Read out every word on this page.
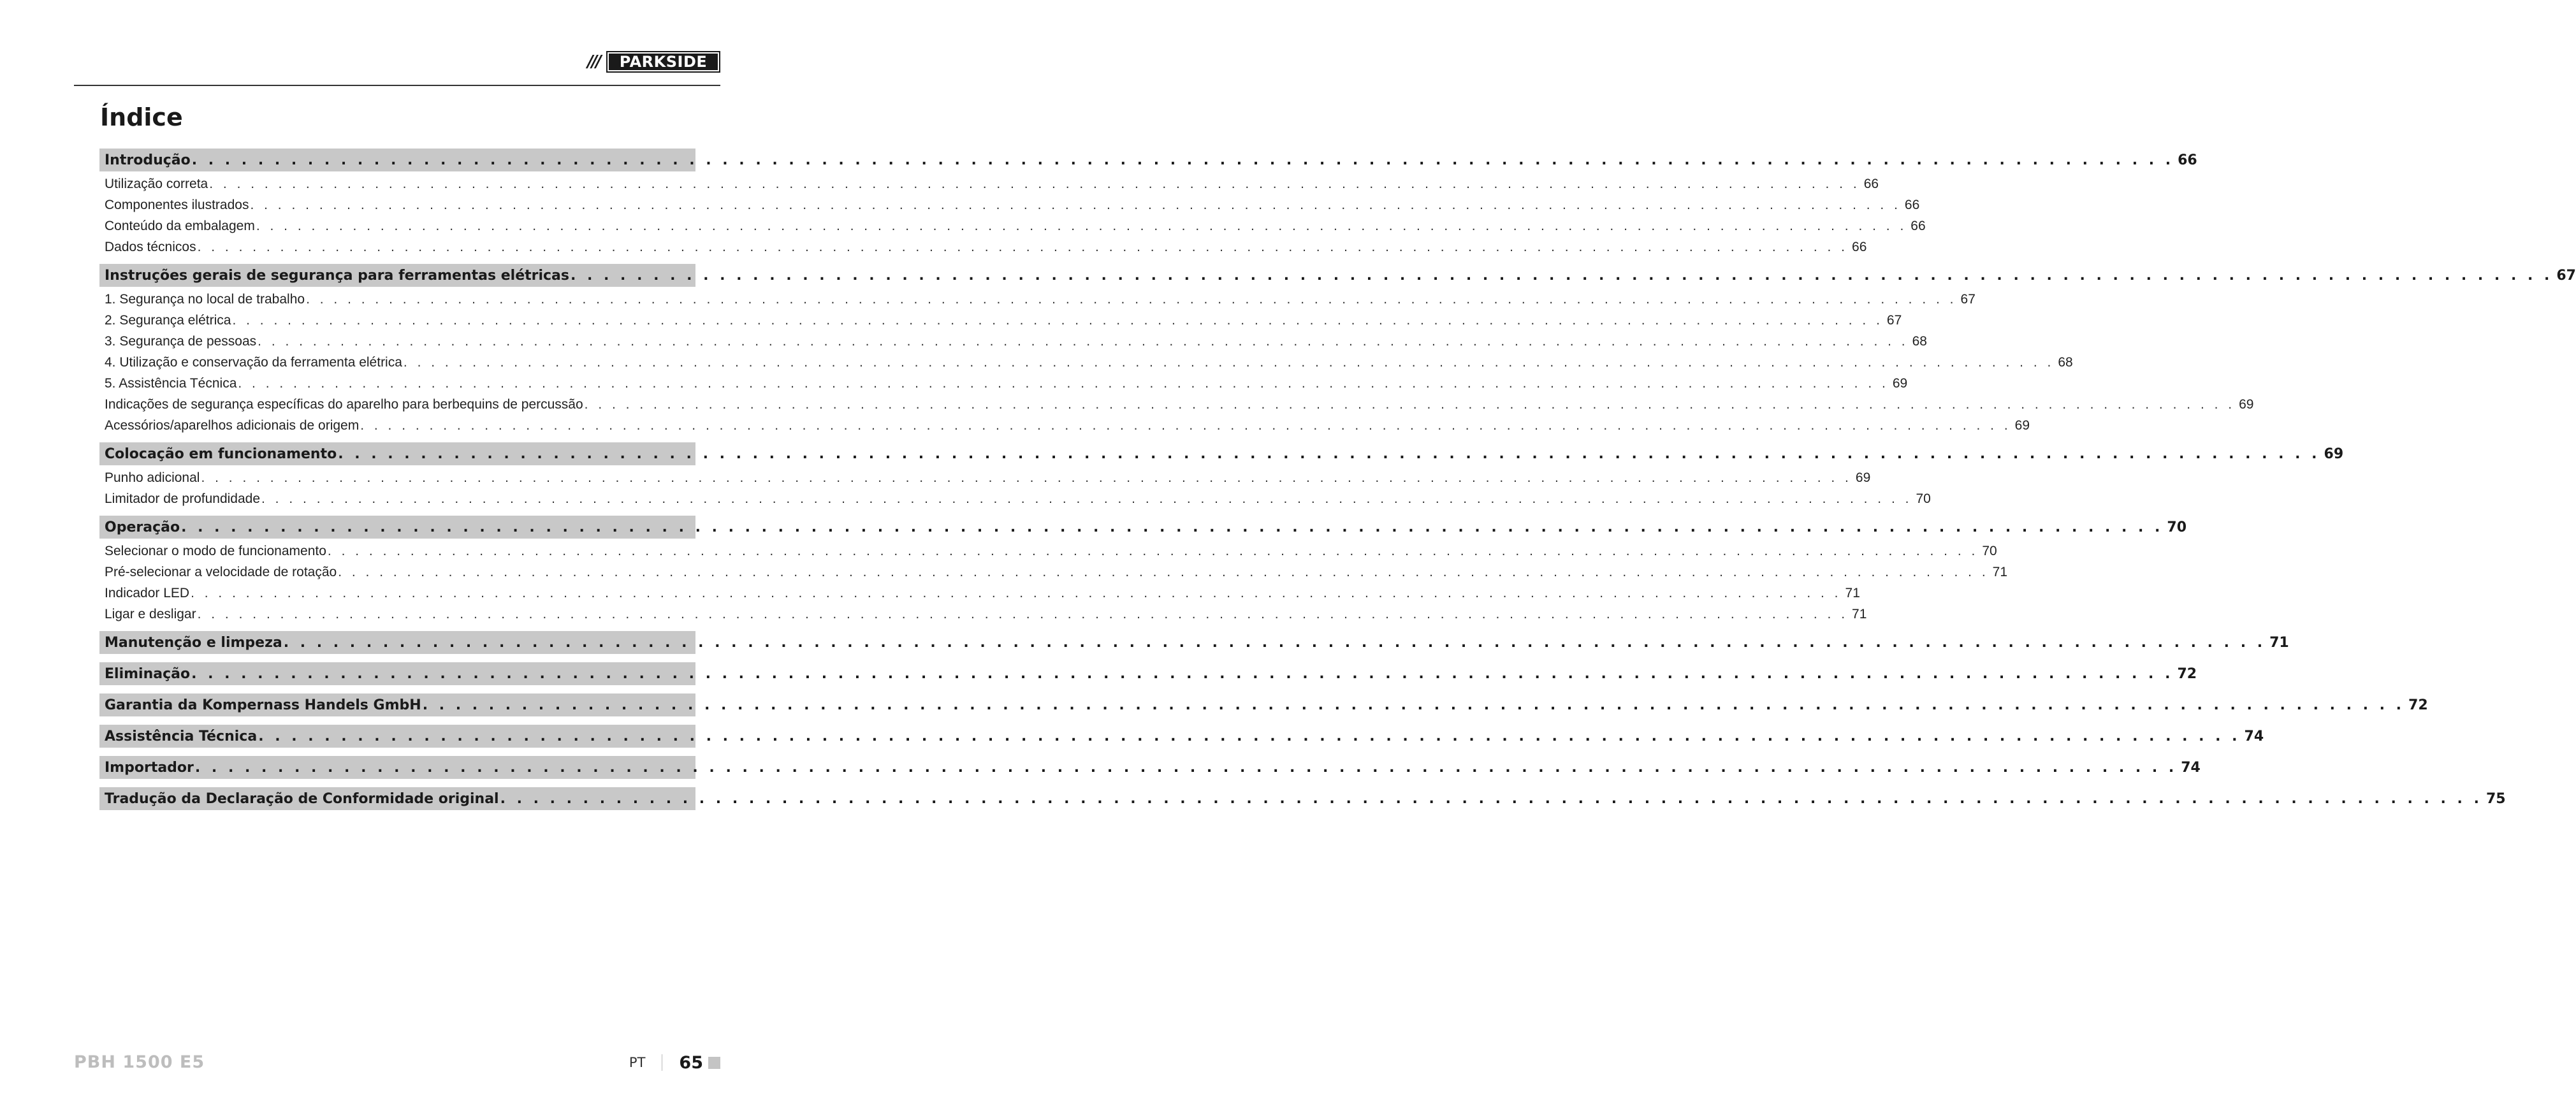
///	PARKSIDE
Índice
Introdução . . . . . . . . . . . . . . . . . . . . . . . . . . . . . . . . . . . . . . . . . . . . . . . . . . . . . . . . . . . . . . . . . . . . . . . . . . . . . . . . . . . . . . . . . . . . . . . . . . . . . . . . . . . . . . . . . . . . . . . . 66
Utilização correta . . . . . . . . . . . . . . . . . . . . . . . . . . . . . . . . . . . . . . . . . . . . . . . . . . . . . . . . . . . . . . . . . . . . . . . . . . . . . . . . . . . . . . . . . . . . . . . . . . . . . . . . . . . . . . . . . . . . . . . . 66
Componentes ilustrados . . . . . . . . . . . . . . . . . . . . . . . . . . . . . . . . . . . . . . . . . . . . . . . . . . . . . . . . . . . . . . . . . . . . . . . . . . . . . . . . . . . . . . . . . . . . . . . . . . . . . . . . . . . . . . . . . . . . . . . . 66
Conteúdo da embalagem . . . . . . . . . . . . . . . . . . . . . . . . . . . . . . . . . . . . . . . . . . . . . . . . . . . . . . . . . . . . . . . . . . . . . . . . . . . . . . . . . . . . . . . . . . . . . . . . . . . . . . . . . . . . . . . . . . . . . . . . 66
Dados técnicos . . . . . . . . . . . . . . . . . . . . . . . . . . . . . . . . . . . . . . . . . . . . . . . . . . . . . . . . . . . . . . . . . . . . . . . . . . . . . . . . . . . . . . . . . . . . . . . . . . . . . . . . . . . . . . . . . . . . . . . . 66
Instruções gerais de segurança para ferramentas elétricas . . . . . . . . . . . . . . . . . . . . . . . . . . . . . . . . . . . . . . . . . . . . . . . . . . . . . . . . . . . . . . . . . . . . . . . . . . . . . . . . . . . . . . . . . . . . . . . . . . . . . . . . . . . . . . . . . . . . . . . . 67
1. Segurança no local de trabalho . . . . . . . . . . . . . . . . . . . . . . . . . . . . . . . . . . . . . . . . . . . . . . . . . . . . . . . . . . . . . . . . . . . . . . . . . . . . . . . . . . . . . . . . . . . . . . . . . . . . . . . . . . . . . . . . . . . . . . . . 67
2. Segurança elétrica . . . . . . . . . . . . . . . . . . . . . . . . . . . . . . . . . . . . . . . . . . . . . . . . . . . . . . . . . . . . . . . . . . . . . . . . . . . . . . . . . . . . . . . . . . . . . . . . . . . . . . . . . . . . . . . . . . . . . . . . 67
3. Segurança de pessoas . . . . . . . . . . . . . . . . . . . . . . . . . . . . . . . . . . . . . . . . . . . . . . . . . . . . . . . . . . . . . . . . . . . . . . . . . . . . . . . . . . . . . . . . . . . . . . . . . . . . . . . . . . . . . . . . . . . . . . . . 68
4. Utilização e conservação da ferramenta elétrica . . . . . . . . . . . . . . . . . . . . . . . . . . . . . . . . . . . . . . . . . . . . . . . . . . . . . . . . . . . . . . . . . . . . . . . . . . . . . . . . . . . . . . . . . . . . . . . . . . . . . . . . . . . . . . . . . . . . . . . . 68
5. Assistência Técnica . . . . . . . . . . . . . . . . . . . . . . . . . . . . . . . . . . . . . . . . . . . . . . . . . . . . . . . . . . . . . . . . . . . . . . . . . . . . . . . . . . . . . . . . . . . . . . . . . . . . . . . . . . . . . . . . . . . . . . . . 69
Indicações de segurança específicas do aparelho para berbequins de percussão . . . . . . . . . . . . . . . . . . . . . . . . . . . . . . . . . . . . . . . . . . . . . . . . . . . . . . . . . . . . . . . . . . . . . . . . . . . . . . . . . . . . . . . . . . . . . . . . . . . . . . . . . . . . . . . . . . . . . . . . 69
Acessórios/aparelhos adicionais de origem . . . . . . . . . . . . . . . . . . . . . . . . . . . . . . . . . . . . . . . . . . . . . . . . . . . . . . . . . . . . . . . . . . . . . . . . . . . . . . . . . . . . . . . . . . . . . . . . . . . . . . . . . . . . . . . . . . . . . . . . 69
Colocação em funcionamento . . . . . . . . . . . . . . . . . . . . . . . . . . . . . . . . . . . . . . . . . . . . . . . . . . . . . . . . . . . . . . . . . . . . . . . . . . . . . . . . . . . . . . . . . . . . . . . . . . . . . . . . . . . . . . . . . . . . . . . . 69
Punho adicional . . . . . . . . . . . . . . . . . . . . . . . . . . . . . . . . . . . . . . . . . . . . . . . . . . . . . . . . . . . . . . . . . . . . . . . . . . . . . . . . . . . . . . . . . . . . . . . . . . . . . . . . . . . . . . . . . . . . . . . . 69
Limitador de profundidade . . . . . . . . . . . . . . . . . . . . . . . . . . . . . . . . . . . . . . . . . . . . . . . . . . . . . . . . . . . . . . . . . . . . . . . . . . . . . . . . . . . . . . . . . . . . . . . . . . . . . . . . . . . . . . . . . . . . . . . . 70
Operação . . . . . . . . . . . . . . . . . . . . . . . . . . . . . . . . . . . . . . . . . . . . . . . . . . . . . . . . . . . . . . . . . . . . . . . . . . . . . . . . . . . . . . . . . . . . . . . . . . . . . . . . . . . . . . . . . . . . . . . . 70
Selecionar o modo de funcionamento . . . . . . . . . . . . . . . . . . . . . . . . . . . . . . . . . . . . . . . . . . . . . . . . . . . . . . . . . . . . . . . . . . . . . . . . . . . . . . . . . . . . . . . . . . . . . . . . . . . . . . . . . . . . . . . . . . . . . . . . 70
Pré-selecionar a velocidade de rotação . . . . . . . . . . . . . . . . . . . . . . . . . . . . . . . . . . . . . . . . . . . . . . . . . . . . . . . . . . . . . . . . . . . . . . . . . . . . . . . . . . . . . . . . . . . . . . . . . . . . . . . . . . . . . . . . . . . . . . . . 71
Indicador LED . . . . . . . . . . . . . . . . . . . . . . . . . . . . . . . . . . . . . . . . . . . . . . . . . . . . . . . . . . . . . . . . . . . . . . . . . . . . . . . . . . . . . . . . . . . . . . . . . . . . . . . . . . . . . . . . . . . . . . . . 71
Ligar e desligar . . . . . . . . . . . . . . . . . . . . . . . . . . . . . . . . . . . . . . . . . . . . . . . . . . . . . . . . . . . . . . . . . . . . . . . . . . . . . . . . . . . . . . . . . . . . . . . . . . . . . . . . . . . . . . . . . . . . . . . . 71
Manutenção e limpeza . . . . . . . . . . . . . . . . . . . . . . . . . . . . . . . . . . . . . . . . . . . . . . . . . . . . . . . . . . . . . . . . . . . . . . . . . . . . . . . . . . . . . . . . . . . . . . . . . . . . . . . . . . . . . . . . . . . . . . . . 71
Eliminação . . . . . . . . . . . . . . . . . . . . . . . . . . . . . . . . . . . . . . . . . . . . . . . . . . . . . . . . . . . . . . . . . . . . . . . . . . . . . . . . . . . . . . . . . . . . . . . . . . . . . . . . . . . . . . . . . . . . . . . . 72
Garantia da Kompernass Handels GmbH . . . . . . . . . . . . . . . . . . . . . . . . . . . . . . . . . . . . . . . . . . . . . . . . . . . . . . . . . . . . . . . . . . . . . . . . . . . . . . . . . . . . . . . . . . . . . . . . . . . . . . . . . . . . . . . . . . . . . . . . 72
Assistência Técnica . . . . . . . . . . . . . . . . . . . . . . . . . . . . . . . . . . . . . . . . . . . . . . . . . . . . . . . . . . . . . . . . . . . . . . . . . . . . . . . . . . . . . . . . . . . . . . . . . . . . . . . . . . . . . . . . . . . . . . . . 74
Importador . . . . . . . . . . . . . . . . . . . . . . . . . . . . . . . . . . . . . . . . . . . . . . . . . . . . . . . . . . . . . . . . . . . . . . . . . . . . . . . . . . . . . . . . . . . . . . . . . . . . . . . . . . . . . . . . . . . . . . . . 74
Tradução da Declaração de Conformidade original . . . . . . . . . . . . . . . . . . . . . . . . . . . . . . . . . . . . . . . . . . . . . . . . . . . . . . . . . . . . . . . . . . . . . . . . . . . . . . . . . . . . . . . . . . . . . . . . . . . . . . . . . . . . . . . . . . . . . . . . 75
PBH 1500 E5	PT 65
